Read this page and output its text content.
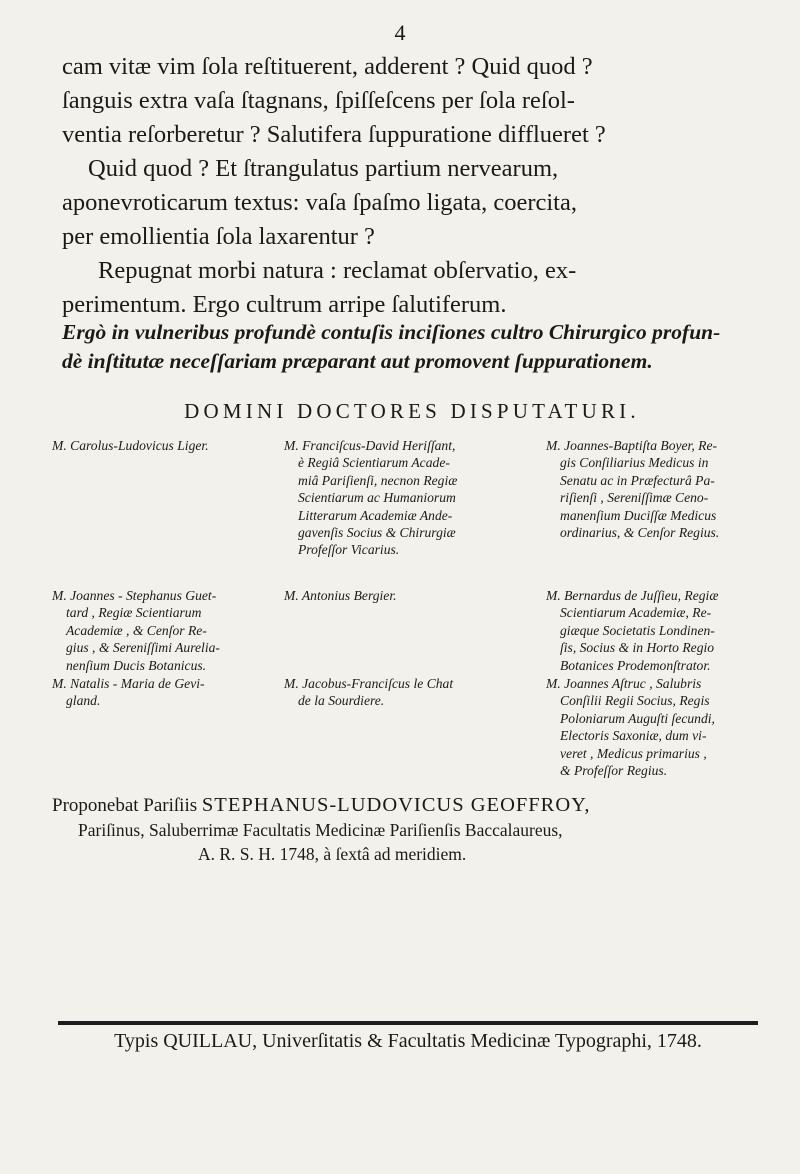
4

cam vitæ vim ſola reſtituerent, adderent ? Quid quod ?
ſanguis extra vaſa ſtagnans, ſpiſſeſcens per ſola reſol-
ventia reſorberetur ? Salutifera ſuppuratione difflueret ?
Quid quod ? Et ſtrangulatus partium nervearum,
aponevroticarum textus: vaſa ſpaſmo ligata, coercita,
per emollientia ſola laxarentur ?

Repugnat morbi natura : reclamat obſervatio, ex-
perimentum. Ergo cultrum arripe ſalutiferum.

Ergò in vulneribus profundè contuſis inciſiones cultro Chirurgico profun-
dè inſtitutæ neceſſariam præparant aut promovent ſuppurationem.
DOMINI DOCTORES DISPUTATURI.
M. Carolus-Ludovicus Liger.
M. Joannes - Stephanus Guet-
tard , Regiæ Scientiarum
Academiæ , & Cenſor Re-
gius , & Sereniſſimi Aurelia-
nenſium Ducis Botanicus.
M. Natalis - Maria de Gevi-
gland.
M. Franciſcus-David Heriſſant,
è Regiâ Scientiarum Acade-
miâ Pariſienſi, necnon Regiæ
Scientiarum ac Humaniorum
Litterarum Academiæ Ande-
gavenſis Socius & Chirurgiæ
Profeſſor Vicarius.
M. Antonius Bergier.
M. Jacobus-Franciſcus le Chat
de la Sourdiere.
M. Joannes-Baptiſta Boyer, Re-
gis Conſiliarius Medicus in
Senatu ac in Præfecturâ Pa-
riſienſi , Sereniſſimæ Ceno-
manenſium Duciſſæ Medicus
ordinarius, & Cenſor Regius.
M. Bernardus de Juſſieu, Regiæ
Scientiarum Academiæ, Re-
giæque Societatis Londinen-
ſis, Socius & in Horto Regio
Botanices Prodemonſtrator.
M. Joannes Aſtruc , Salubris
Conſilii Regii Socius, Regis
Poloniarum Auguſti ſecundi,
Electoris Saxoniæ, dum vi-
veret , Medicus primarius ,
& Profeſſor Regius.
Proponebat Pariſiis STEPHANUS-LUDOVICUS GEOFFROY,
Pariſinus, Saluberrimæ Facultatis Medicinæ Pariſienſis Baccalaureus,
A. R. S. H. 1748, à ſextâ ad meridiem.
Typis QUILLAU, Univerſitatis & Facultatis Medicinæ Typographi, 1748.
